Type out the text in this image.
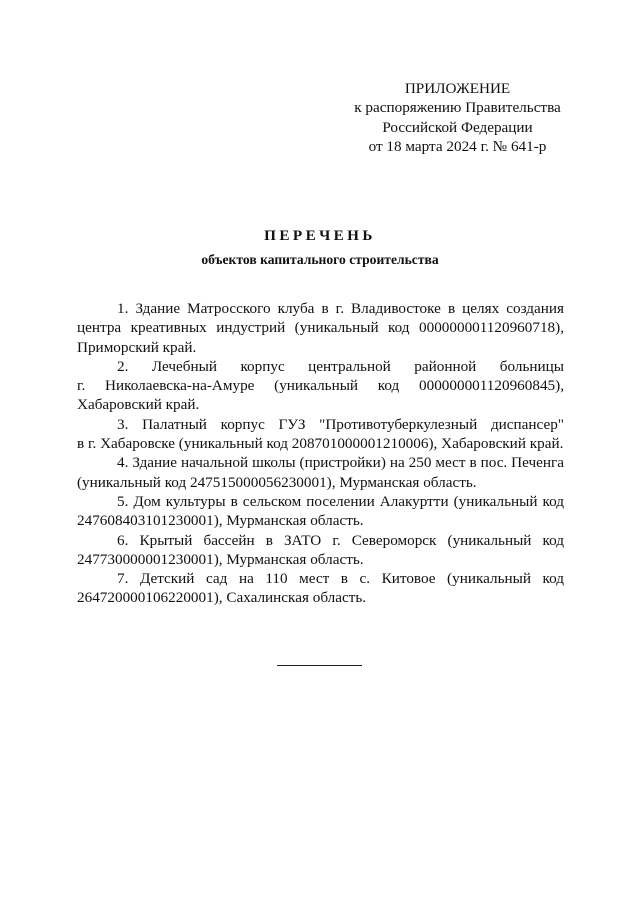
ПРИЛОЖЕНИЕ
к распоряжению Правительства
Российской Федерации
от 18 марта 2024 г. № 641-р
ПЕРЕЧЕНЬ
объектов капитального строительства
1. Здание Матросского клуба в г. Владивостоке в целях создания
центра креативных индустрий (уникальный код 000000001120960718),
Приморский край.
2. Лечебный корпус центральной районной больницы
г. Николаевска-на-Амуре (уникальный код 000000001120960845),
Хабаровский край.
3. Палатный корпус ГУЗ "Противотуберкулезный диспансер"
в г. Хабаровске (уникальный код 208701000001210006), Хабаровский край.
4. Здание начальной школы (пристройки) на 250 мест в пос. Печенга
(уникальный код 247515000056230001), Мурманская область.
5. Дом культуры в сельском поселении Алакуртти (уникальный код
247608403101230001), Мурманская область.
6. Крытый бассейн в ЗАТО г. Североморск (уникальный код
247730000001230001), Мурманская область.
7. Детский сад на 110 мест в с. Китовое (уникальный код
264720000106220001), Сахалинская область.
